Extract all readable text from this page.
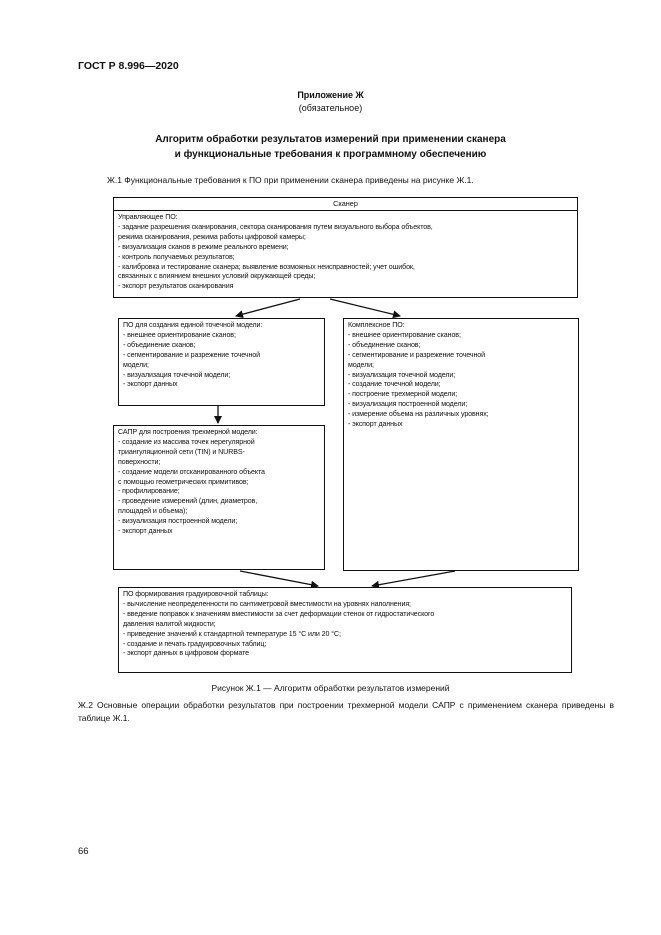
ГОСТ Р 8.996—2020
Приложение Ж
(обязательное)
Алгоритм обработки результатов измерений при применении сканера
и функциональные требования к программному обеспечению
Ж.1 Функциональные требования к ПО при применении сканера приведены на рисунке Ж.1.
Сканер
Управляющее ПО:
- задание разрешения сканирования, сектора сканирования путем визуального выбора объектов,
режима сканирования, режима работы цифровой камеры;
- визуализация сканов в режиме реального времени;
- контроль получаемых результатов;
- калибровка и тестирование сканера; выявление возможных неисправностей; учет ошибок,
связанных с влиянием внешних условий окружающей среды;
- экспорт результатов сканирования
ПО для создания единой точечной модели:
- внешнее ориентирование сканов;
- объединение сканов;
- сегментирование и разрежение точечной
модели;
- визуализация точечной модели;
- экспорт данных
Комплексное ПО:
- внешнее ориентирование сканов;
- объединение сканов;
- сегментирование и разрежение точечной
модели;
- визуализация точечной модели;
- создание точечной модели;
- построение трехмерной модели;
- визуализация построенной модели;
- измерение объема на различных уровнях;
- экспорт данных
САПР для построения трехмерной модели:
- создание из массива точек нерегулярной
триангуляционной сети (TIN) и NURBS-
поверхности;
- создание модели отсканированного объекта
с помощью геометрических примитивов;
- профилирование;
- проведение измерений (длин, диаметров,
площадей и объема);
- визуализация построенной модели;
- экспорт данных
ПО формирования градуировочной таблицы:
- вычисление неопределенности по сантиметровой вместимости на уровнях наполнения;
- введение поправок к значениям вместимости за счет деформации стенок от гидростатического
давления налитой жидкости;
- приведение значений к стандартной температуре 15 °С или 20 °С;
- создание и печать градуировочных таблиц;
- экспорт данных в цифровом формате
Рисунок Ж.1 — Алгоритм обработки результатов измерений
Ж.2 Основные операции обработки результатов при построении трехмерной модели САПР с применением сканера приведены в таблице Ж.1.
66
